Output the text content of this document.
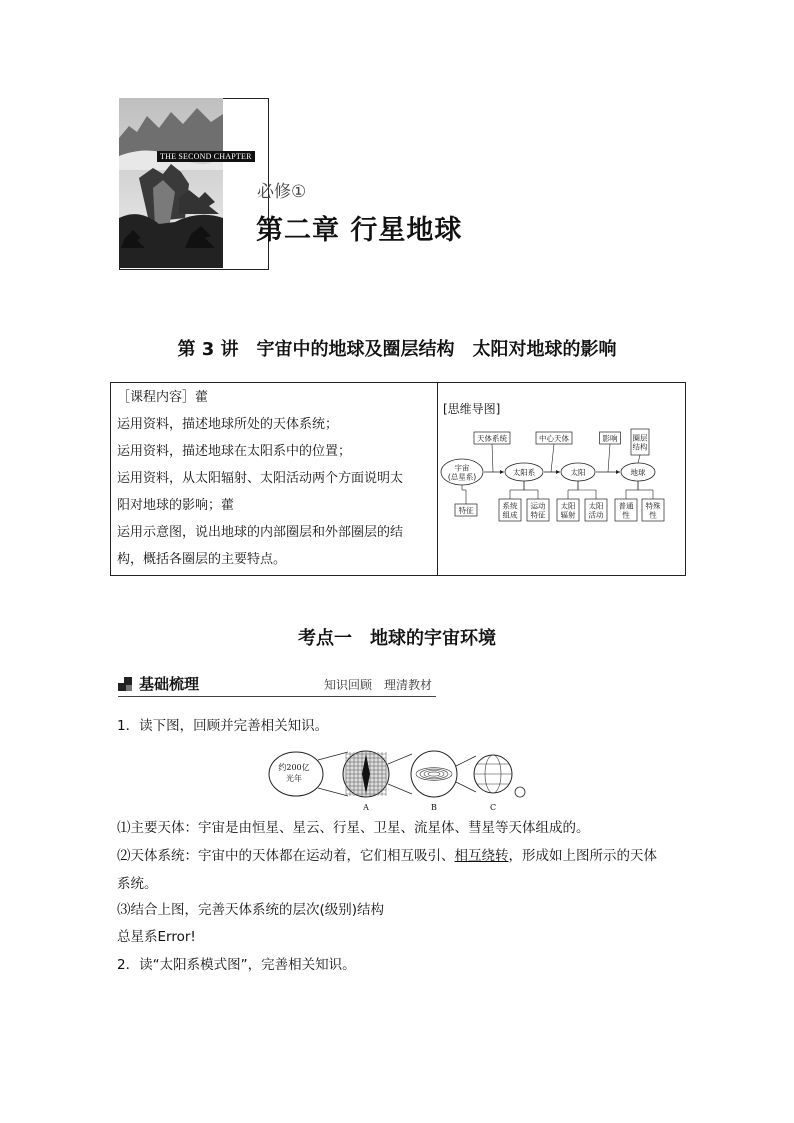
THE SECOND CHAPTER
必修①
第二章 行星地球
第 3 讲　宇宙中的地球及圈层结构　太阳对地球的影响
［课程内容］藿
运用资料，描述地球所处的天体系统；
运用资料，描述地球在太阳系中的位置；
运用资料，从太阳辐射、太阳活动两个方面说明太
阳对地球的影响；藿
运用示意图，说出地球的内部圈层和外部圈层的结
构，概括各圈层的主要特点。
[思维导图]
宇宙(总星系)	太阳系	太阳	地球
天体系统	中心天体	影响 圈层结构
特征	系统组成
运动特征
太阳辐射
太阳活动
普通性
特殊性
考点一　地球的宇宙环境
基础梳理	知识回顾　理清教材
1．读下图，回顾并完善相关知识。
约200亿光年
A	B	C
⑴主要天体：宇宙是由恒星、星云、行星、卫星、流星体、彗星等天体组成的。
⑵天体系统：宇宙中的天体都在运动着，它们相互吸引、相互绕转，形成如上图所示的天体
系统。
⑶结合上图，完善天体系统的层次(级别)结构
总星系Error!
2．读“太阳系模式图”，完善相关知识。
